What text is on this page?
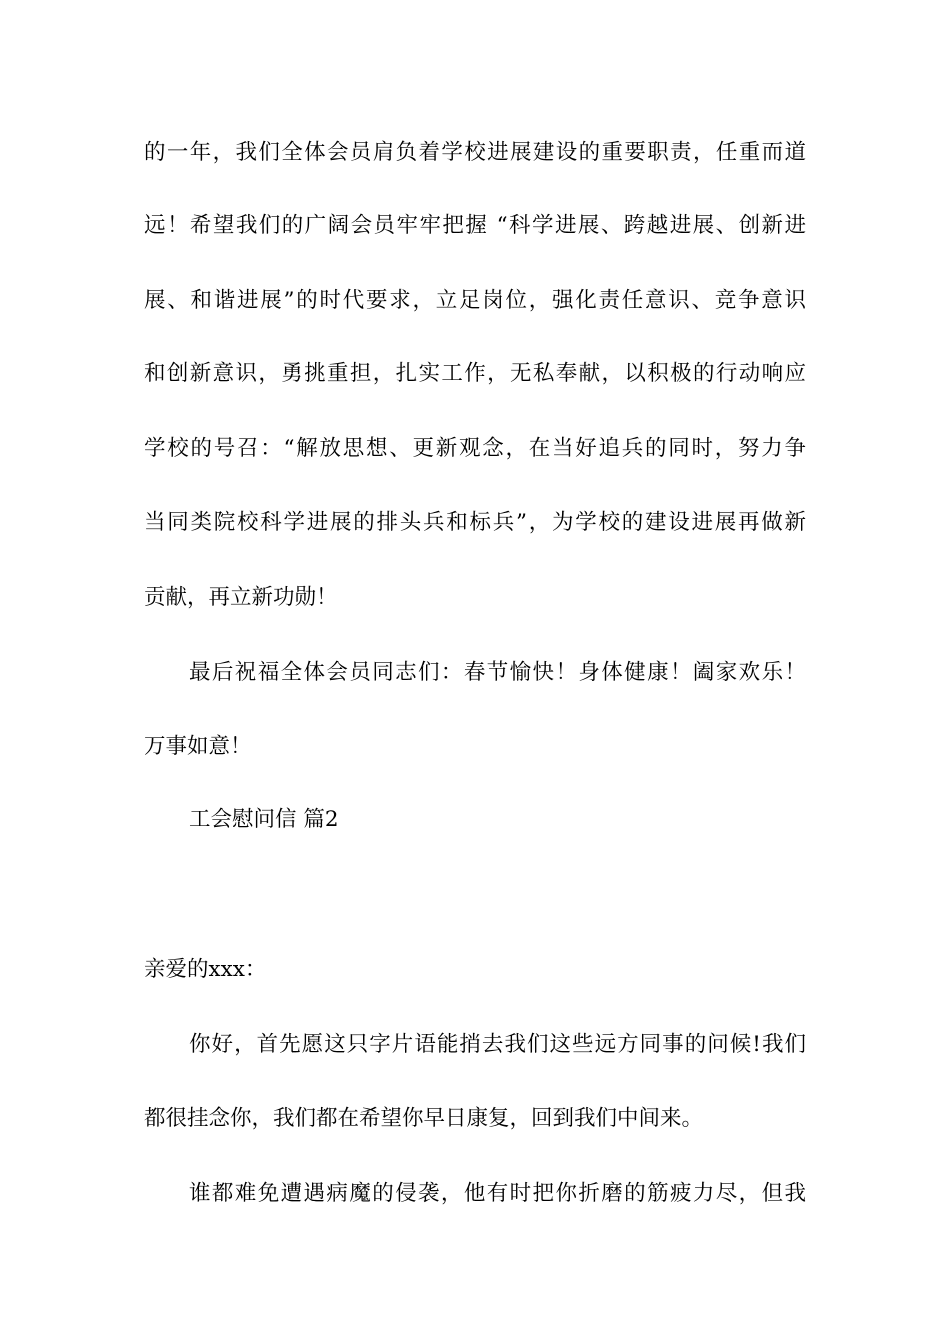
的一年，我们全体会员肩负着学校进展建设的重要职责，任重而道
远！希望我们的广阔会员牢牢把握 “科学进展、跨越进展、创新进
展、和谐进展”的时代要求，立足岗位，强化责任意识、竞争意识
和创新意识，勇挑重担，扎实工作，无私奉献，以积极的行动响应
学校的号召：“解放思想、更新观念，在当好追兵的同时，努力争
当同类院校科学进展的排头兵和标兵”，为学校的建设进展再做新
贡献，再立新功勋！
最后祝福全体会员同志们：春节愉快！身体健康！阖家欢乐！
万事如意！
工会慰问信 篇2
亲爱的xxx：
你好，首先愿这只字片语能捎去我们这些远方同事的问候!我们
都很挂念你，我们都在希望你早日康复，回到我们中间来。
谁都难免遭遇病魔的侵袭，他有时把你折磨的筋疲力尽，但我
